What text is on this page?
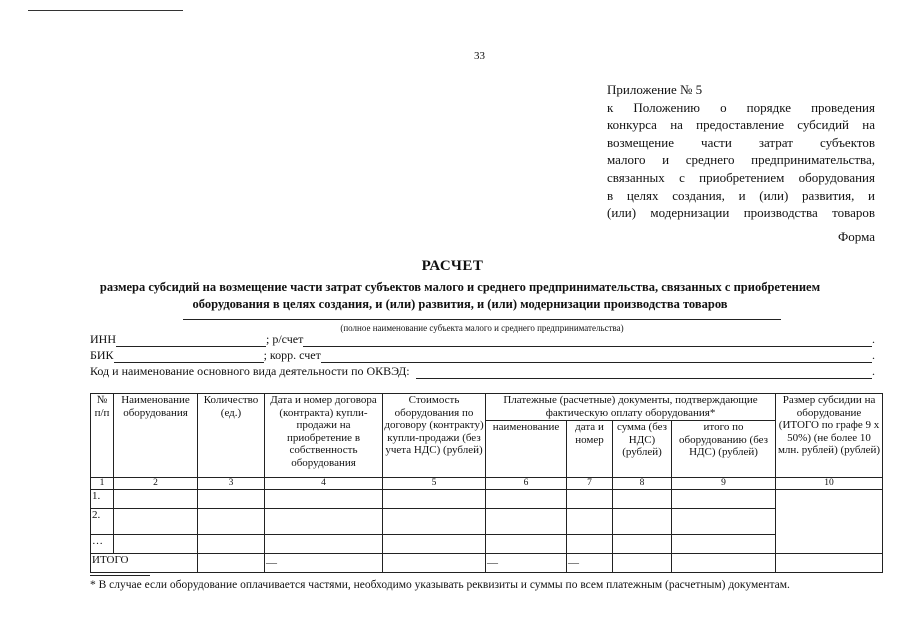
33
Приложение № 5
к Положению о порядке проведения
конкурса на предоставление субсидий на
возмещение части затрат субъектов
малого и среднего предпринимательства,
связанных с приобретением оборудования
в целях создания, и (или) развития, и
(или) модернизации производства товаров
Форма
РАСЧЕТ
размера субсидий на возмещение части затрат субъектов малого и среднего предпринимательства, связанных с приобретением оборудования в целях создания, и (или) развития, и (или) модернизации производства товаров
(полное наименование субъекта малого и среднего предпринимательства)
ИНН	; р/счет	.
БИК	; корр. счет	.
Код и наименование основного вида деятельности по ОКВЭД:	.
№ п/п	Наименование оборудования	Количество (ед.)	Дата и номер договора (контракта) купли-продажи на приобретение в собственность оборудования	Стоимость оборудования по договору (контракту) купли-продажи (без учета НДС) (рублей)	Платежные (расчетные) документы, подтверждающие фактическую оплату оборудования*				Размер субсидии на оборудование (ИТОГО по графе 9 х 50%) (не более 10 млн. рублей) (рублей)
					наименование	дата и номер	сумма (без НДС) (рублей)	итого по оборудованию (без НДС) (рублей)	
1	2	3	4	5	6	7	8	9	10
1.									
2.									
…									
ИТОГО			—		—	—			
* В случае если оборудование оплачивается частями, необходимо указывать реквизиты и суммы по всем платежным (расчетным) документам.
